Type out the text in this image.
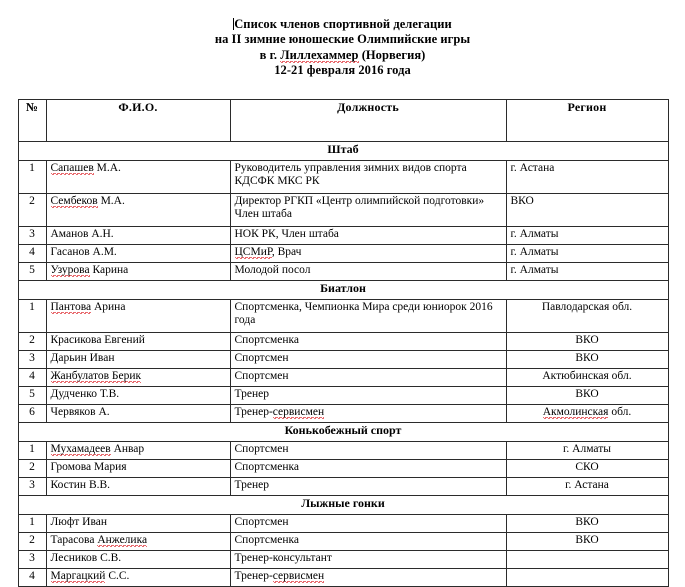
Список членов спортивной делегации
на II зимние юношеские Олимпийские игры
в г. Лиллехаммер (Норвегия)
12-21 февраля 2016 года
№	Ф.И.О.	Должность	Регион
Штаб			
1	Сапашев М.А.	Руководитель управления зимних видов спорта КДСФК МКС РК	г. Астана
2	Сембеков М.А.	Директор РГКП «Центр олимпийской подготовки» Член штаба	ВКО
3	Аманов А.Н.	НОК РК, Член штаба	г. Алматы
4	Гасанов А.М.	ЦСМиР, Врач	г. Алматы
5	Узурова Карина	Молодой посол	г. Алматы
Биатлон			
1	Пантова Арина	Спортсменка, Чемпионка Мира среди юниорок 2016 года	Павлодарская обл.
2	Красикова Евгений	Спортсменка	ВКО
3	Дарьин Иван	Спортсмен	ВКО
4	Жанбулатов Берик	Спортсмен	Актюбинская обл.
5	Дудченко Т.В.	Тренер	ВКО
6	Червяков А.	Тренер-сервисмен	Акмолинская обл.
Конькобежный спорт			
1	Мухамадеев Анвар	Спортсмен	г. Алматы
2	Громова Мария	Спортсменка	СКО
3	Костин В.В.	Тренер	г. Астана
Лыжные гонки			
1	Люфт Иван	Спортсмен	ВКО
2	Тарасова Анжелика	Спортсменка	ВКО
3	Лесников С.В.	Тренер-консультант	
4	Маргацкий С.С.	Тренер-сервисмен	
